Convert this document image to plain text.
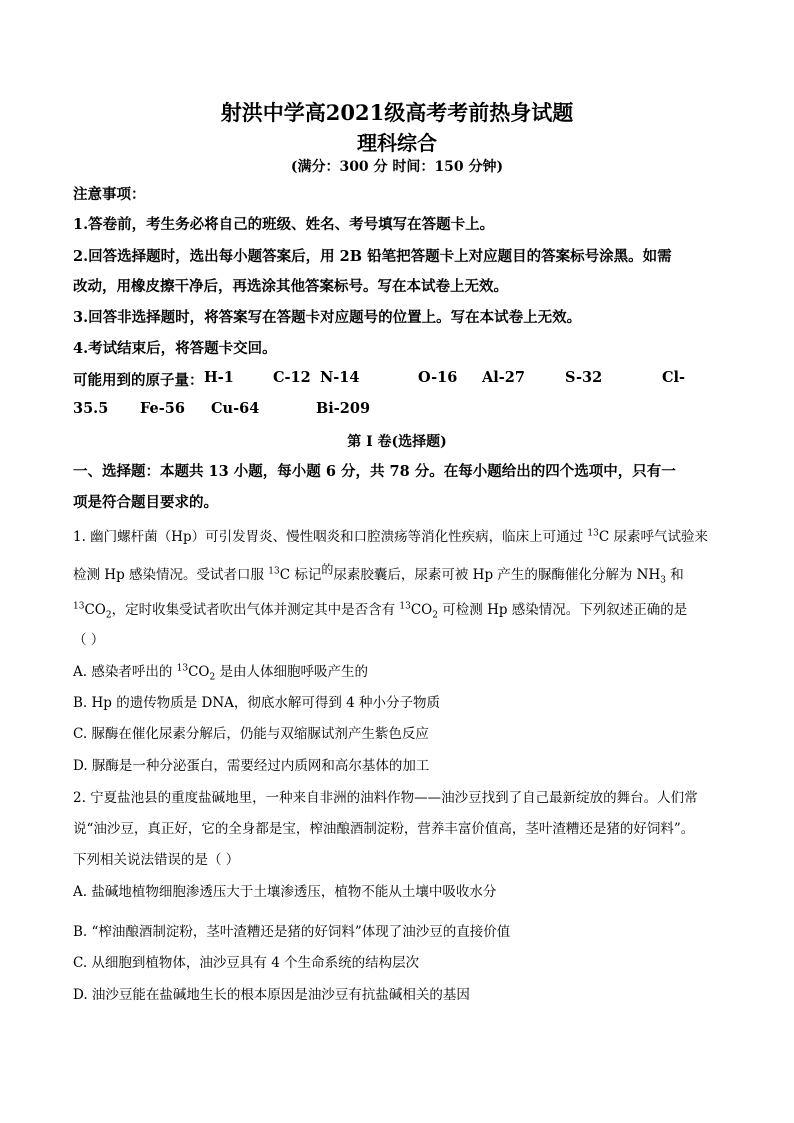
射洪中学高2021级高考考前热身试题
理科综合
(满分：300 分 时间：150 分钟)
注意事项：
1.答卷前，考生务必将自己的班级、姓名、考号填写在答题卡上。
2.回答选择题时，选出每小题答案后，用 2B 铅笔把答题卡上对应题目的答案标号涂黑。如需
改动，用橡皮擦干净后，再选涂其他答案标号。写在本试卷上无效。
3.回答非选择题时，将答案写在答题卡对应题号的位置上。写在本试卷上无效。
4.考试结束后，将答题卡交回。
可能用到的原子量： H-1	C-12 N-14	O-16 Al-27	S-32	Cl-
35.5 Fe-56 Cu-64	Bi-209
第 I 卷(选择题)
一、选择题：本题共 13 小题，每小题 6 分，共 78 分。在每小题给出的四个选项中，只有一
项是符合题目要求的。
1. 幽门螺杆菌（Hp）可引发胃炎、慢性咽炎和口腔溃疡等消化性疾病，临床上可通过 $^{13}$C 尿素呼气试验来
检测 Hp 感染情况。受试者口服 $^{13}$C 标记$^的$尿素胶囊后，尿素可被 Hp 产生的脲酶催化分解为 $NH_3$ 和
$^{13}CO_2$，定时收集受试者吹出气体并测定其中是否含有 $^{13}CO_2$ 可检测 Hp 感染情况。下列叙述正确的是
（ ）
A. 感染者呼出的 $^{13}CO_2$ 是由人体细胞呼吸产生的
B. Hp 的遗传物质是 DNA，彻底水解可得到 4 种小分子物质
C. 脲酶在催化尿素分解后，仍能与双缩脲试剂产生紫色反应
D. 脲酶是一种分泌蛋白，需要经过内质网和高尔基体的加工
2. 宁夏盐池县的重度盐碱地里，一种来自非洲的油料作物——油沙豆找到了自己最新绽放的舞台。人们常
说“油沙豆，真正好，它的全身都是宝，榨油酿酒制淀粉，营养丰富价值高，茎叶渣糟还是猪的好饲料”。
下列相关说法错误的是（ ）
A. 盐碱地植物细胞渗透压大于土壤渗透压，植物不能从土壤中吸收水分
B. “榨油酿酒制淀粉，茎叶渣糟还是猪的好饲料”体现了油沙豆的直接价值
C. 从细胞到植物体，油沙豆具有 4 个生命系统的结构层次
D. 油沙豆能在盐碱地生长的根本原因是油沙豆有抗盐碱相关的基因
